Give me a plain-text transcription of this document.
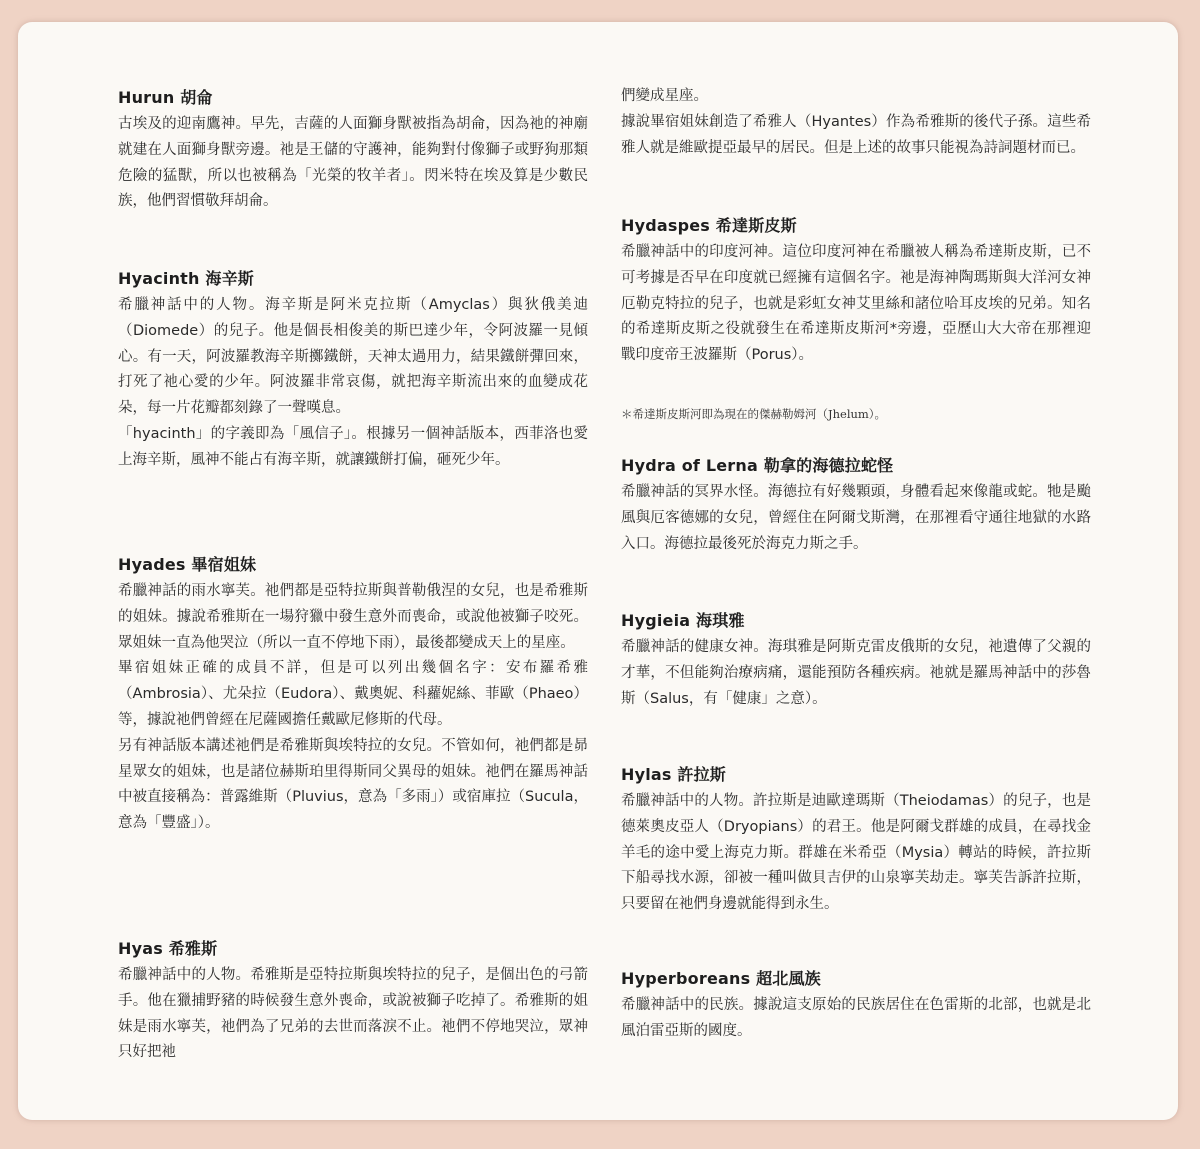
Hurun 胡侖

古埃及的迎南鷹神。早先，吉薩的人面獅身獸被指為胡侖，因為祂的神廟就建在人面獅身獸旁邊。祂是王儲的守護神，能夠對付像獅子或野狗那類危險的猛獸，所以也被稱為「光榮的牧羊者」。閃米特在埃及算是少數民族，他們習慣敬拜胡侖。

Hyacinth 海辛斯

希臘神話中的人物。海辛斯是阿米克拉斯（Amyclas）與狄俄美迪（Diomede）的兒子。他是個長相俊美的斯巴達少年，令阿波羅一見傾心。有一天，阿波羅教海辛斯擲鐵餅，天神太過用力，結果鐵餅彈回來，打死了祂心愛的少年。阿波羅非常哀傷，就把海辛斯流出來的血變成花朵，每一片花瓣都刻錄了一聲嘆息。

「hyacinth」的字義即為「風信子」。根據另一個神話版本，西菲洛也愛上海辛斯，風神不能占有海辛斯，就讓鐵餅打偏，砸死少年。

Hyades 畢宿姐妹

希臘神話的雨水寧芙。祂們都是亞特拉斯與普勒俄涅的女兒，也是希雅斯的姐妹。據說希雅斯在一場狩獵中發生意外而喪命，或說他被獅子咬死。眾姐妹一直為他哭泣（所以一直不停地下雨），最後都變成天上的星座。

畢宿姐妹正確的成員不詳，但是可以列出幾個名字：安布羅希雅（Ambrosia）、尤朵拉（Eudora）、戴奧妮、科蘿妮絲、菲歐（Phaeo）等，據說祂們曾經在尼薩國擔任戴歐尼修斯的代母。

另有神話版本講述祂們是希雅斯與埃特拉的女兒。不管如何，祂們都是昴星眾女的姐妹，也是諸位赫斯珀里得斯同父異母的姐妹。祂們在羅馬神話中被直接稱為：普露維斯（Pluvius，意為「多雨」）或宿庫拉（Sucula，意為「豐盛」）。

Hyas 希雅斯

希臘神話中的人物。希雅斯是亞特拉斯與埃特拉的兒子，是個出色的弓箭手。他在獵捕野豬的時候發生意外喪命，或說被獅子吃掉了。希雅斯的姐妹是雨水寧芙，祂們為了兄弟的去世而落淚不止。祂們不停地哭泣，眾神只好把祂

們變成星座。

據說畢宿姐妹創造了希雅人（Hyantes）作為希雅斯的後代子孫。這些希雅人就是維歐提亞最早的居民。但是上述的故事只能視為詩詞題材而已。

Hydaspes 希達斯皮斯

希臘神話中的印度河神。這位印度河神在希臘被人稱為希達斯皮斯，已不可考據是否早在印度就已經擁有這個名字。祂是海神陶瑪斯與大洋河女神厄勒克特拉的兒子，也就是彩虹女神艾里絲和諸位哈耳皮埃的兄弟。知名的希達斯皮斯之役就發生在希達斯皮斯河*旁邊，亞歷山大大帝在那裡迎戰印度帝王波羅斯（Porus）。

＊希達斯皮斯河即為現在的傑赫勒姆河（Jhelum）。
Hydra of Lerna 勒拿的海德拉蛇怪

希臘神話的冥界水怪。海德拉有好幾顆頭，身體看起來像龍或蛇。牠是颱風與厄客德娜的女兒，曾經住在阿爾戈斯灣，在那裡看守通往地獄的水路入口。海德拉最後死於海克力斯之手。

Hygieia 海琪雅

希臘神話的健康女神。海琪雅是阿斯克雷皮俄斯的女兒，祂遺傳了父親的才華，不但能夠治療病痛，還能預防各種疾病。祂就是羅馬神話中的莎魯斯（Salus，有「健康」之意）。

Hylas 許拉斯

希臘神話中的人物。許拉斯是迪歐達瑪斯（Theiodamas）的兒子，也是德萊奧皮亞人（Dryopians）的君王。他是阿爾戈群雄的成員，在尋找金羊毛的途中愛上海克力斯。群雄在米希亞（Mysia）轉站的時候，許拉斯下船尋找水源，卻被一種叫做貝吉伊的山泉寧芙劫走。寧芙告訴許拉斯，只要留在祂們身邊就能得到永生。

Hyperboreans 超北風族

希臘神話中的民族。據說這支原始的民族居住在色雷斯的北部，也就是北風泊雷亞斯的國度。
